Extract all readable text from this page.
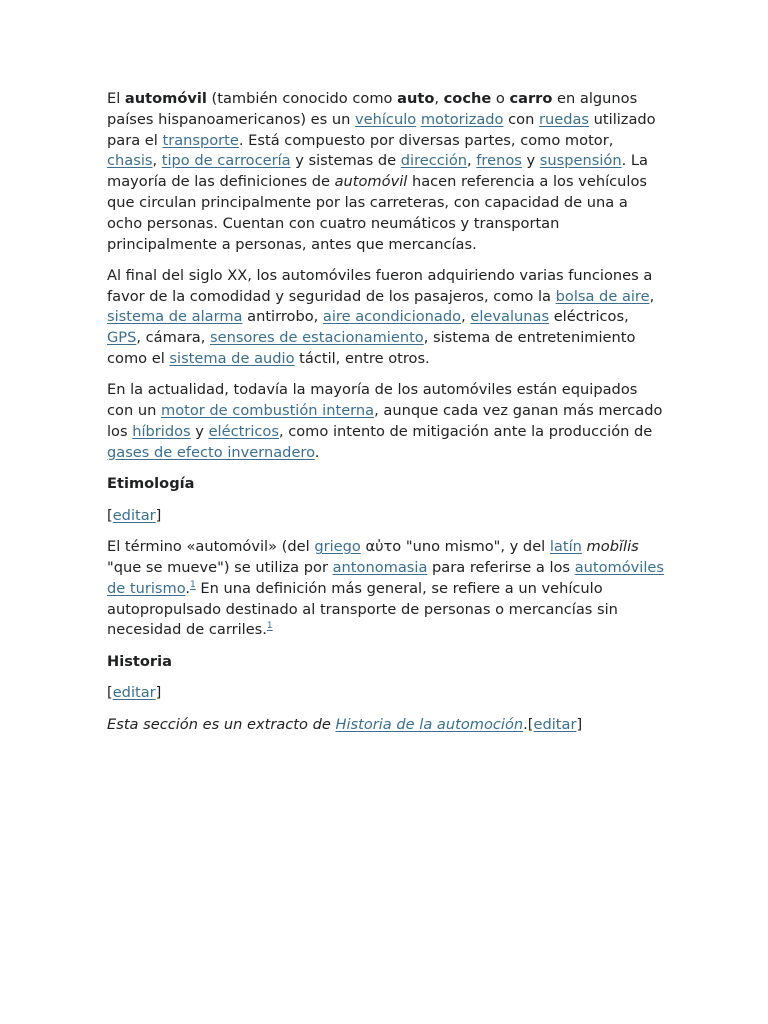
El automóvil (también conocido como auto, coche o carro en algunos países hispanoamericanos) es un vehículo motorizado con ruedas utilizado para el transporte. Está compuesto por diversas partes, como motor, chasis, tipo de carrocería y sistemas de dirección, frenos y suspensión. La mayoría de las definiciones de automóvil hacen referencia a los vehículos que circulan principalmente por las carreteras, con capacidad de una a ocho personas. Cuentan con cuatro neumáticos y transportan principalmente a personas, antes que mercancías.

Al final del siglo XX, los automóviles fueron adquiriendo varias funciones a favor de la comodidad y seguridad de los pasajeros, como la bolsa de aire, sistema de alarma antirrobo, aire acondicionado, elevalunas eléctricos, GPS, cámara, sensores de estacionamiento, sistema de entretenimiento como el sistema de audio táctil, entre otros.

En la actualidad, todavía la mayoría de los automóviles están equipados con un motor de combustión interna, aunque cada vez ganan más mercado los híbridos y eléctricos, como intento de mitigación ante la producción de gases de efecto invernadero.

Etimología
[editar]

El término «automóvil» (del griego αὐτο "uno mismo", y del latín mobĭlis "que se mueve") se utiliza por antonomasia para referirse a los automóviles de turismo.$^1$ En una definición más general, se refiere a un vehículo autopropulsado destinado al transporte de personas o mercancías sin necesidad de carriles.$^1$

Historia
[editar]

Esta sección es un extracto de Historia de la automoción.[editar]
